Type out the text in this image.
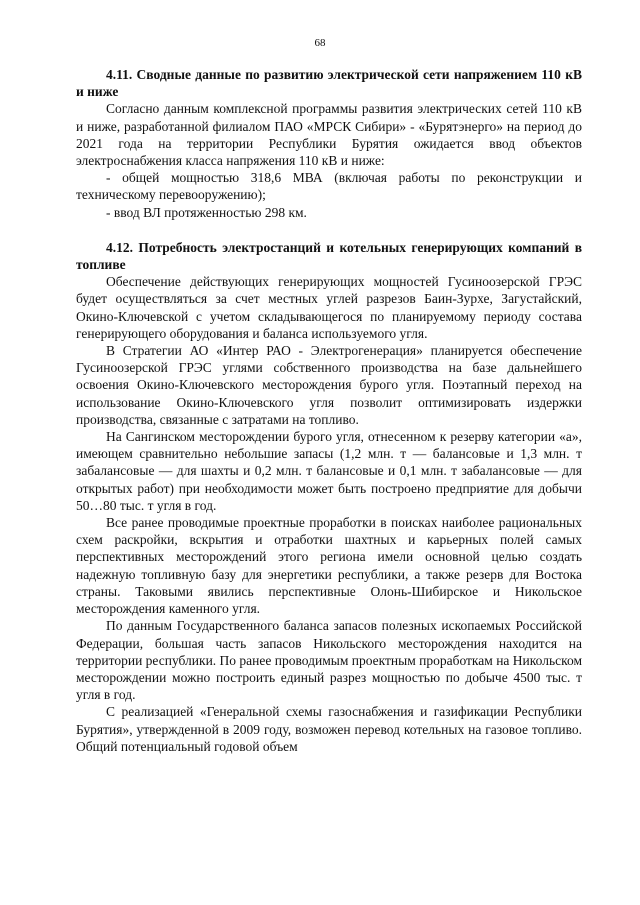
68
4.11. Сводные данные по развитию электрической сети напряжением 110 кВ и ниже

Согласно данным комплексной программы развития электрических сетей 110 кВ и ниже, разработанной филиалом ПАО «МРСК Сибири» - «Бурятэнерго» на период до 2021 года на территории Республики Бурятия ожидается ввод объектов электроснабжения класса напряжения 110 кВ и ниже:

- общей мощностью 318,6 МВА (включая работы по реконструкции и техническому перевооружению);

- ввод ВЛ протяженностью 298 км.

4.12. Потребность электростанций и котельных генерирующих компаний в топливе

Обеспечение действующих генерирующих мощностей Гусиноозерской ГРЭС будет осуществляться за счет местных углей разрезов Баин-Зурхе, Загустайский, Окино-Ключевской с учетом складывающегося по планируемому периоду состава генерирующего оборудования и баланса используемого угля.

В Стратегии АО «Интер РАО - Электрогенерация» планируется обеспечение Гусиноозерской ГРЭС углями собственного производства на базе дальнейшего освоения Окино-Ключевского месторождения бурого угля. Поэтапный переход на использование Окино-Ключевского угля позволит оптимизировать издержки производства, связанные с затратами на топливо.

На Сангинском месторождении бурого угля, отнесенном к резерву категории «а», имеющем сравнительно небольшие запасы (1,2 млн. т — балансовые и 1,3 млн. т забалансовые — для шахты и 0,2 млн. т балансовые и 0,1 млн. т забалансовые — для открытых работ) при необходимости может быть построено предприятие для добычи 50…80 тыс. т угля в год.

Все ранее проводимые проектные проработки в поисках наиболее рациональных схем раскройки, вскрытия и отработки шахтных и карьерных полей самых перспективных месторождений этого региона имели основной целью создать надежную топливную базу для энергетики республики, а также резерв для Востока страны. Таковыми явились перспективные Олонь-Шибирское и Никольское месторождения каменного угля.

По данным Государственного баланса запасов полезных ископаемых Российской Федерации, большая часть запасов Никольского месторождения находится на территории республики. По ранее проводимым проектным проработкам на Никольском месторождении можно построить единый разрез мощностью по добыче 4500 тыс. т угля в год.

С реализацией «Генеральной схемы газоснабжения и газификации Республики Бурятия», утвержденной в 2009 году, возможен перевод котельных на газовое топливо. Общий потенциальный годовой объем
